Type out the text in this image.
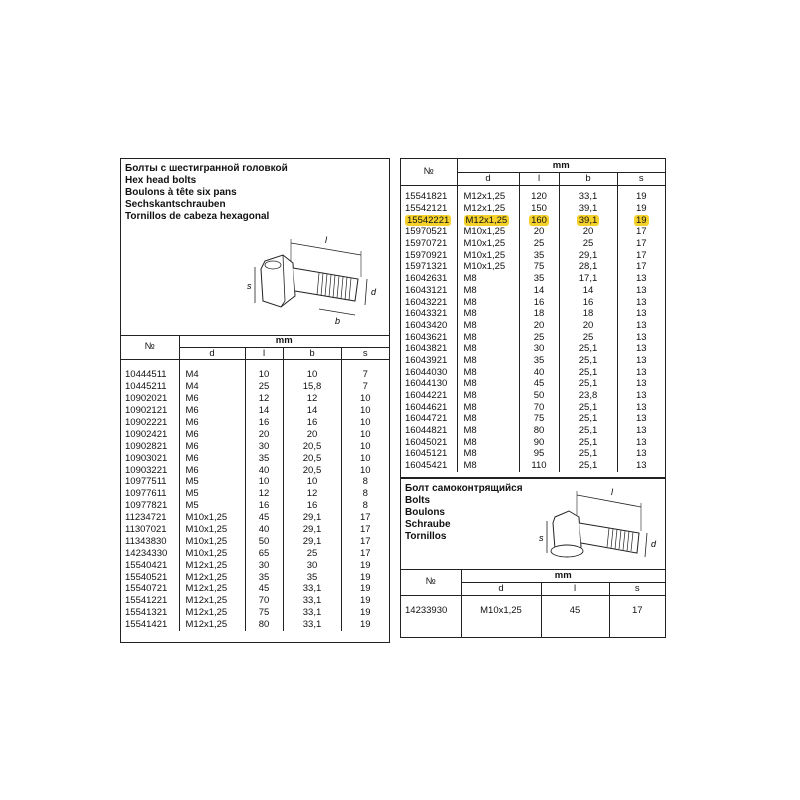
Болты с шестигранной головкой
Hex head bolts
Boulons à tête six pans
Sechskantschrauben
Tornillos de cabeza hexagonal
l
b
s
d
№	mm			
	d	l	b	s

10444511	M4	10	10	7
10445211	M4	25	15,8	7
10902021	M6	12	12	10
10902121	M6	14	14	10
10902221	M6	16	16	10
10902421	M6	20	20	10
10902821	M6	30	20,5	10
10903021	M6	35	20,5	10
10903221	M6	40	20,5	10
10977511	M5	10	10	8
10977611	M5	12	12	8
10977821	M5	16	16	8
11234721	M10x1,25	45	29,1	17
11307021	M10x1,25	40	29,1	17
11343830	M10x1,25	50	29,1	17
14234330	M10x1,25	65	25	17
15540421	M12x1,25	30	30	19
15540521	M12x1,25	35	35	19
15540721	M12x1,25	45	33,1	19
15541221	M12x1,25	70	33,1	19
15541321	M12x1,25	75	33,1	19
15541421	M12x1,25	80	33,1	19
№	mm			
	d	l	b	s

15541821	M12x1,25	120	33,1	19
15542121	M12x1,25	150	39,1	19
15542221	M12x1,25	160	39,1	19
15970521	M10x1,25	20	20	17
15970721	M10x1,25	25	25	17
15970921	M10x1,25	35	29,1	17
15971321	M10x1,25	75	28,1	17
16042631	M8	35	17,1	13
16043121	M8	14	14	13
16043221	M8	16	16	13
16043321	M8	18	18	13
16043420	M8	20	20	13
16043621	M8	25	25	13
16043821	M8	30	25,1	13
16043921	M8	35	25,1	13
16044030	M8	40	25,1	13
16044130	M8	45	25,1	13
16044221	M8	50	23,8	13
16044621	M8	70	25,1	13
16044721	M8	75	25,1	13
16044821	M8	80	25,1	13
16045021	M8	90	25,1	13
16045121	M8	95	25,1	13
16045421	M8	110	25,1	13
Болт самоконтрящийся
Bolts
Boulons
Schraube
Tornillos
l
s
d
№	mm		
	d	l	s

14233930	M10x1,25	45	17
